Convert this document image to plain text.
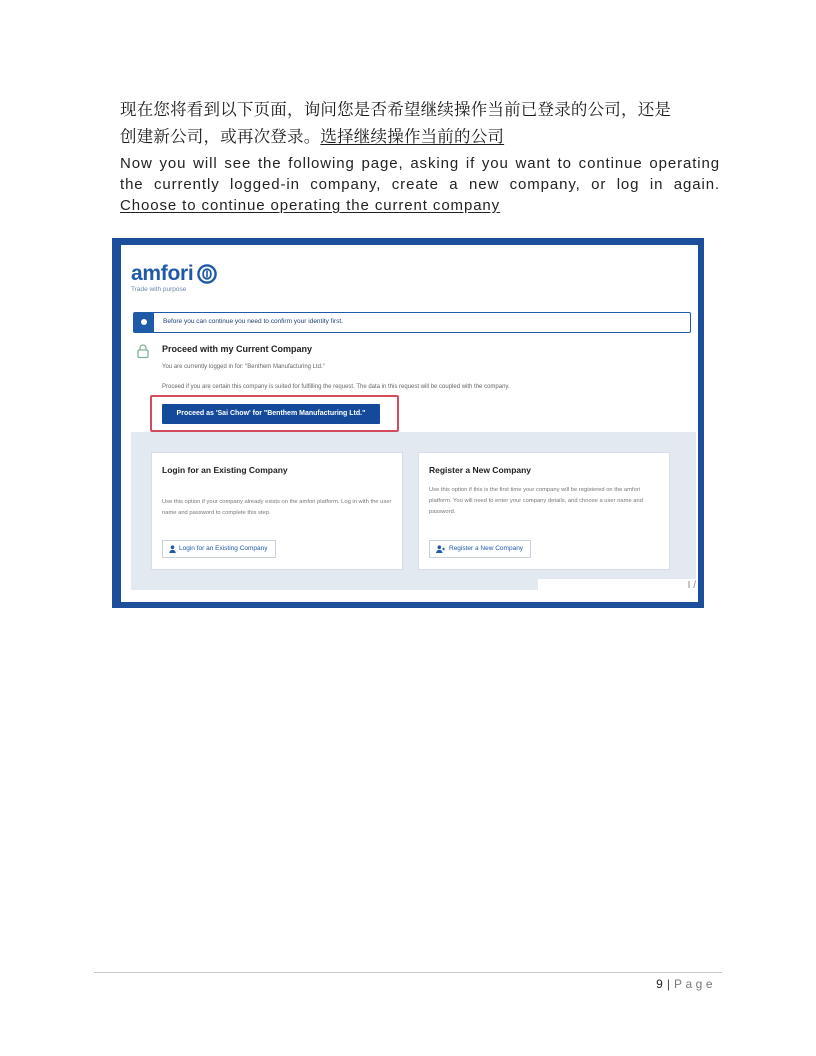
现在您将看到以下页面，询问您是否希望继续操作当前已登录的公司，还是
创建新公司，或再次登录。选择继续操作当前的公司
Now you will see the following page, asking if you want to continue operating the currently logged-in company, create a new company, or log in again. Choose to continue operating the current company
amfori
Trade with purpose
Before you can continue you need to confirm your identity first.
Proceed with my Current Company
You are currently logged in for: "Benthem Manufacturing Ltd."
Proceed if you are certain this company is suited for fulfilling the request. The data in this request will be coupled with the company.
Proceed as 'Sai Chow' for "Benthem Manufacturing Ltd."
Login for an Existing Company
Use this option if your company already exists on the amfori platform. Log in with the user name and password to complete this step.
Login for an Existing Company
Register a New Company
Use this option if this is the first time your company will be registered on the amfori platform. You will need to enter your company details, and choose a user name and password.
Register a New Company
I /
9 | Page
